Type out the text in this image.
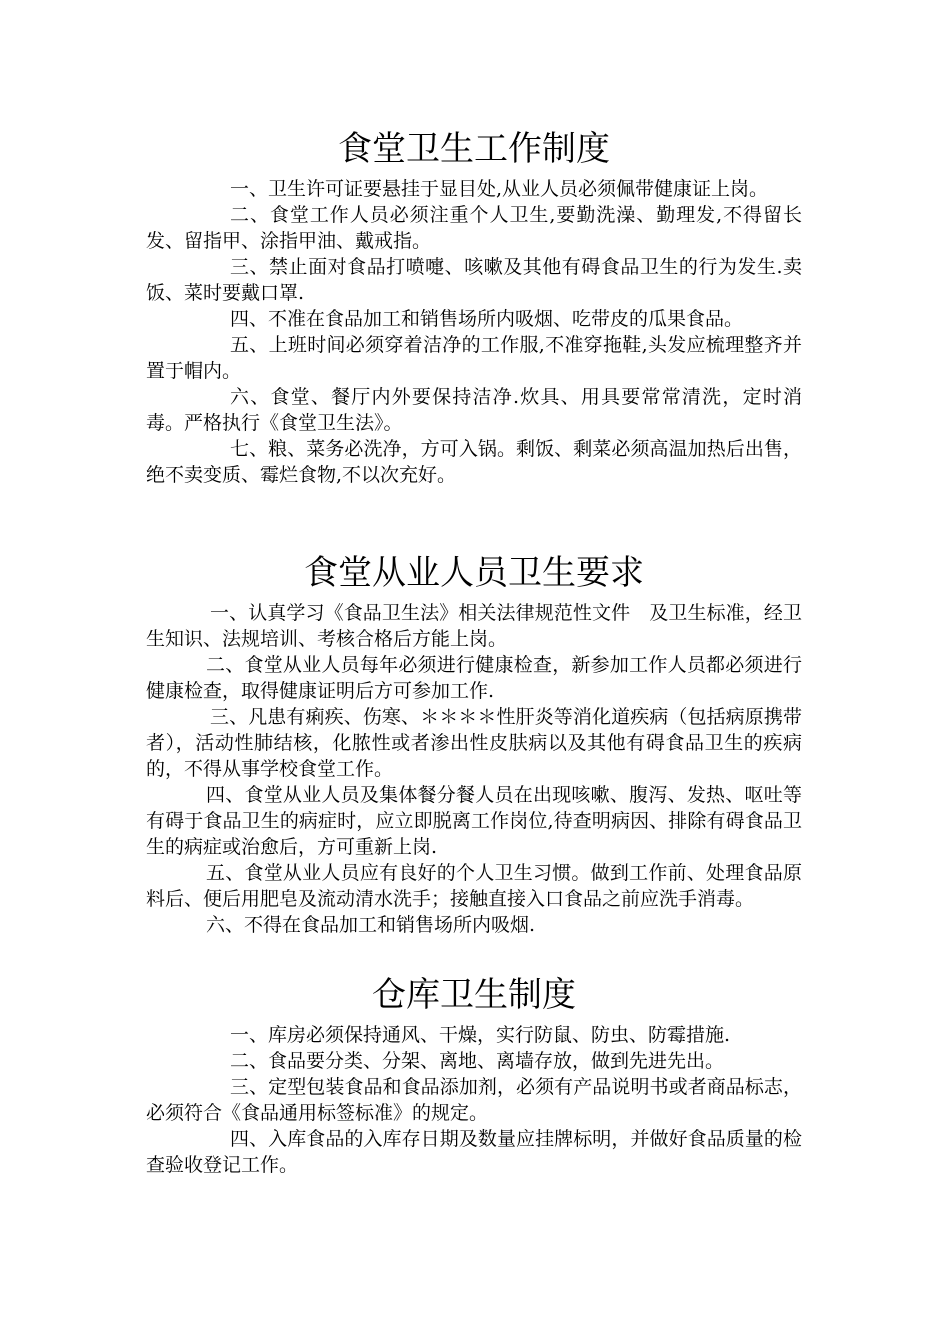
食堂卫生工作制度

一、卫生许可证要悬挂于显目处,从业人员必须佩带健康证上岗。

二、食堂工作人员必须注重个人卫生,要勤洗澡、勤理发,不得留长发、留指甲、涂指甲油、戴戒指。

三、禁止面对食品打喷嚏、咳嗽及其他有碍食品卫生的行为发生.卖饭、菜时要戴口罩.

四、不准在食品加工和销售场所内吸烟、吃带皮的瓜果食品。

五、上班时间必须穿着洁净的工作服,不准穿拖鞋,头发应梳理整齐并置于帽内。

六、食堂、餐厅内外要保持洁净.炊具、用具要常常清洗，定时消毒。严格执行《食堂卫生法》。

七、粮、菜务必洗净，方可入锅。剩饭、剩菜必须高温加热后出售，绝不卖变质、霉烂食物,不以次充好。

食堂从业人员卫生要求

一、认真学习《食品卫生法》相关法律规范性文件　及卫生标准，经卫生知识、法规培训、考核合格后方能上岗。

二、食堂从业人员每年必须进行健康检查，新参加工作人员都必须进行健康检查，取得健康证明后方可参加工作.

三、凡患有痢疾、伤寒、＊＊＊＊性肝炎等消化道疾病（包括病原携带者），活动性肺结核，化脓性或者渗出性皮肤病以及其他有碍食品卫生的疾病的，不得从事学校食堂工作。

四、食堂从业人员及集体餐分餐人员在出现咳嗽、腹泻、发热、呕吐等有碍于食品卫生的病症时，应立即脱离工作岗位,待查明病因、排除有碍食品卫生的病症或治愈后，方可重新上岗.

五、食堂从业人员应有良好的个人卫生习惯。做到工作前、处理食品原料后、便后用肥皂及流动清水洗手；接触直接入口食品之前应洗手消毒。

六、不得在食品加工和销售场所内吸烟.

仓库卫生制度

一、库房必须保持通风、干燥，实行防鼠、防虫、防霉措施.

二、食品要分类、分架、离地、离墙存放，做到先进先出。

三、定型包装食品和食品添加剂，必须有产品说明书或者商品标志，必须符合《食品通用标签标准》的规定。

四、入库食品的入库存日期及数量应挂牌标明，并做好食品质量的检查验收登记工作。
